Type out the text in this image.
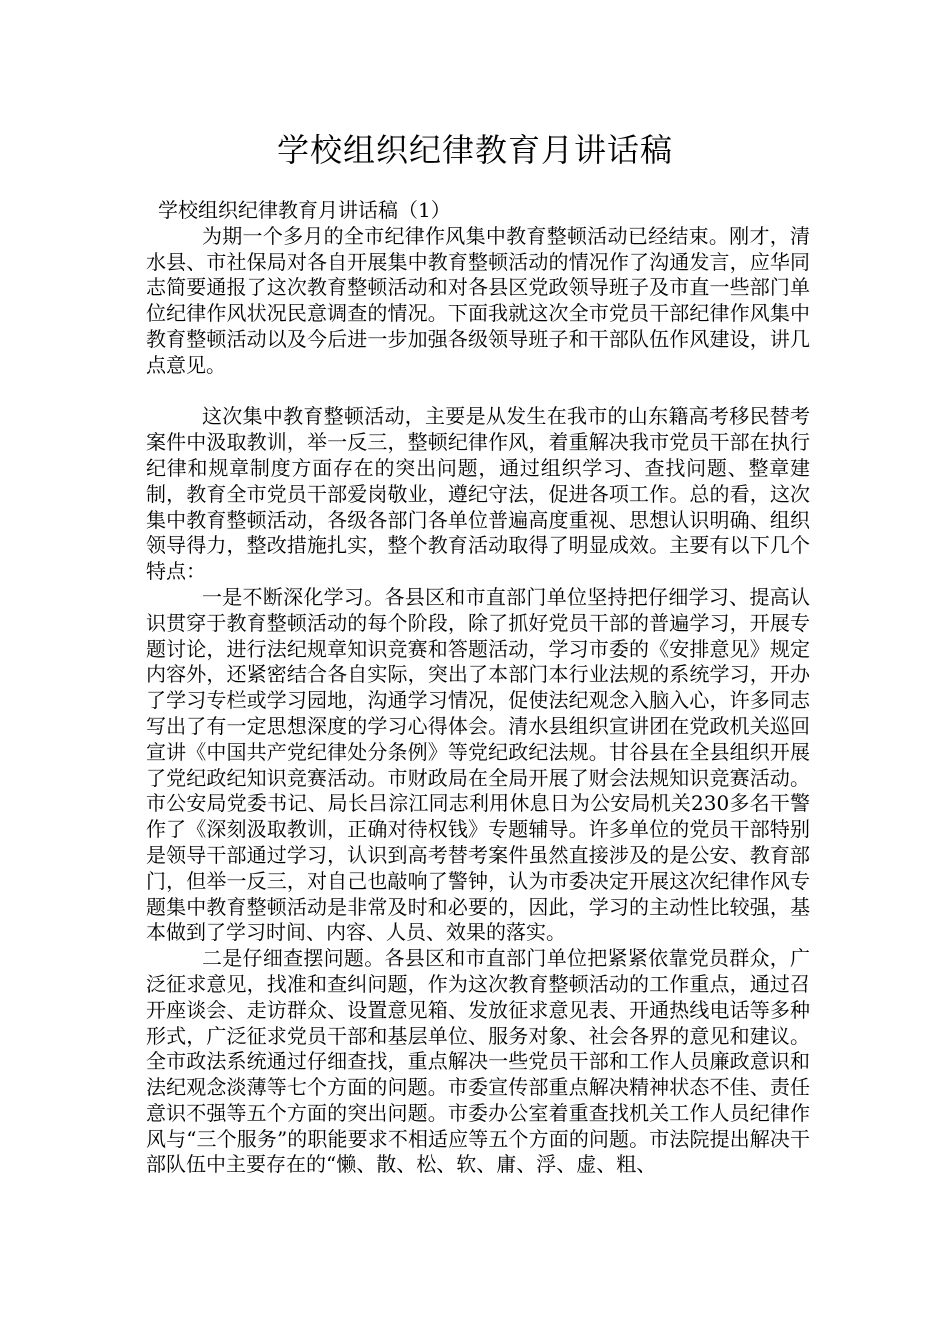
学校组织纪律教育月讲话稿

学校组织纪律教育月讲话稿（1）

为期一个多月的全市纪律作风集中教育整顿活动已经结束。刚才，清水县、市社保局对各自开展集中教育整顿活动的情况作了沟通发言，应华同志简要通报了这次教育整顿活动和对各县区党政领导班子及市直一些部门单位纪律作风状况民意调查的情况。下面我就这次全市党员干部纪律作风集中教育整顿活动以及今后进一步加强各级领导班子和干部队伍作风建设，讲几点意见。

这次集中教育整顿活动，主要是从发生在我市的山东籍高考移民替考案件中汲取教训，举一反三，整顿纪律作风，着重解决我市党员干部在执行纪律和规章制度方面存在的突出问题，通过组织学习、查找问题、整章建制，教育全市党员干部爱岗敬业，遵纪守法，促进各项工作。总的看，这次集中教育整顿活动，各级各部门各单位普遍高度重视、思想认识明确、组织领导得力，整改措施扎实，整个教育活动取得了明显成效。主要有以下几个特点：

一是不断深化学习。各县区和市直部门单位坚持把仔细学习、提高认识贯穿于教育整顿活动的每个阶段，除了抓好党员干部的普遍学习，开展专题讨论，进行法纪规章知识竞赛和答题活动，学习市委的《安排意见》规定内容外，还紧密结合各自实际，突出了本部门本行业法规的系统学习，开办了学习专栏或学习园地，沟通学习情况，促使法纪观念入脑入心，许多同志写出了有一定思想深度的学习心得体会。清水县组织宣讲团在党政机关巡回宣讲《中国共产党纪律处分条例》等党纪政纪法规。甘谷县在全县组织开展了党纪政纪知识竞赛活动。市财政局在全局开展了财会法规知识竞赛活动。市公安局党委书记、局长吕淙江同志利用休息日为公安局机关230多名干警作了《深刻汲取教训，正确对待权钱》专题辅导。许多单位的党员干部特别是领导干部通过学习，认识到高考替考案件虽然直接涉及的是公安、教育部门，但举一反三，对自己也敲响了警钟，认为市委决定开展这次纪律作风专题集中教育整顿活动是非常及时和必要的，因此，学习的主动性比较强，基本做到了学习时间、内容、人员、效果的落实。

二是仔细查摆问题。各县区和市直部门单位把紧紧依靠党员群众，广泛征求意见，找准和查纠问题，作为这次教育整顿活动的工作重点，通过召开座谈会、走访群众、设置意见箱、发放征求意见表、开通热线电话等多种形式，广泛征求党员干部和基层单位、服务对象、社会各界的意见和建议。全市政法系统通过仔细查找，重点解决一些党员干部和工作人员廉政意识和法纪观念淡薄等七个方面的问题。市委宣传部重点解决精神状态不佳、责任意识不强等五个方面的突出问题。市委办公室着重查找机关工作人员纪律作风与“三个服务”的职能要求不相适应等五个方面的问题。市法院提出解决干部队伍中主要存在的“懒、散、松、软、庸、浮、虚、粗、
